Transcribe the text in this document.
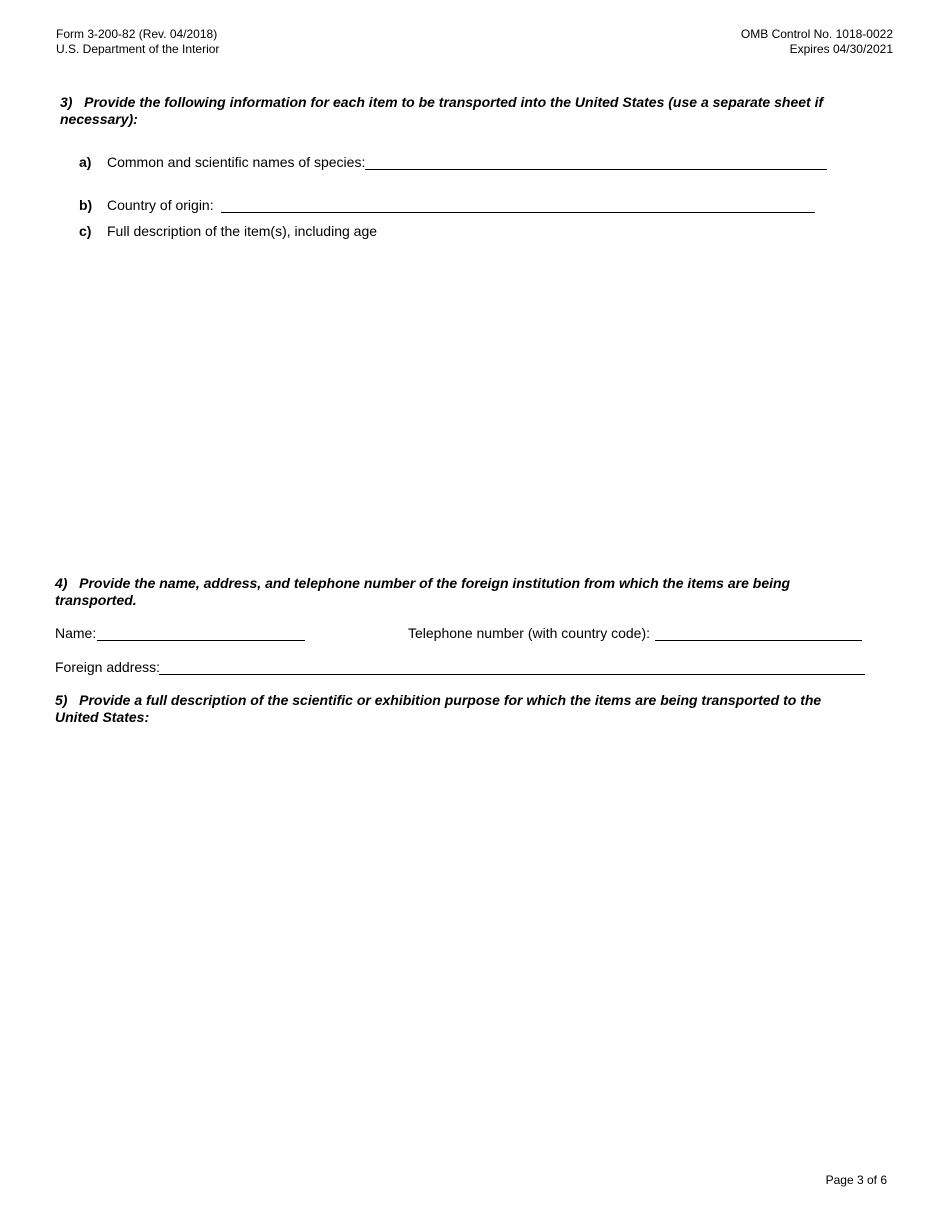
Form 3-200-82 (Rev. 04/2018)
U.S. Department of the Interior
OMB Control No. 1018-0022
Expires 04/30/2021
3)   Provide the following information for each item to be transported into the United States (use a separate sheet if necessary):
a) Common and scientific names of species:
b) Country of origin:
c) Full description of the item(s), including age
4)   Provide the name, address, and telephone number of the foreign institution from which the items are being transported.
Name:	Telephone number (with country code):
Foreign address:
5)   Provide a full description of the scientific or exhibition purpose for which the items are being transported to the United States:
Page 3 of 6
